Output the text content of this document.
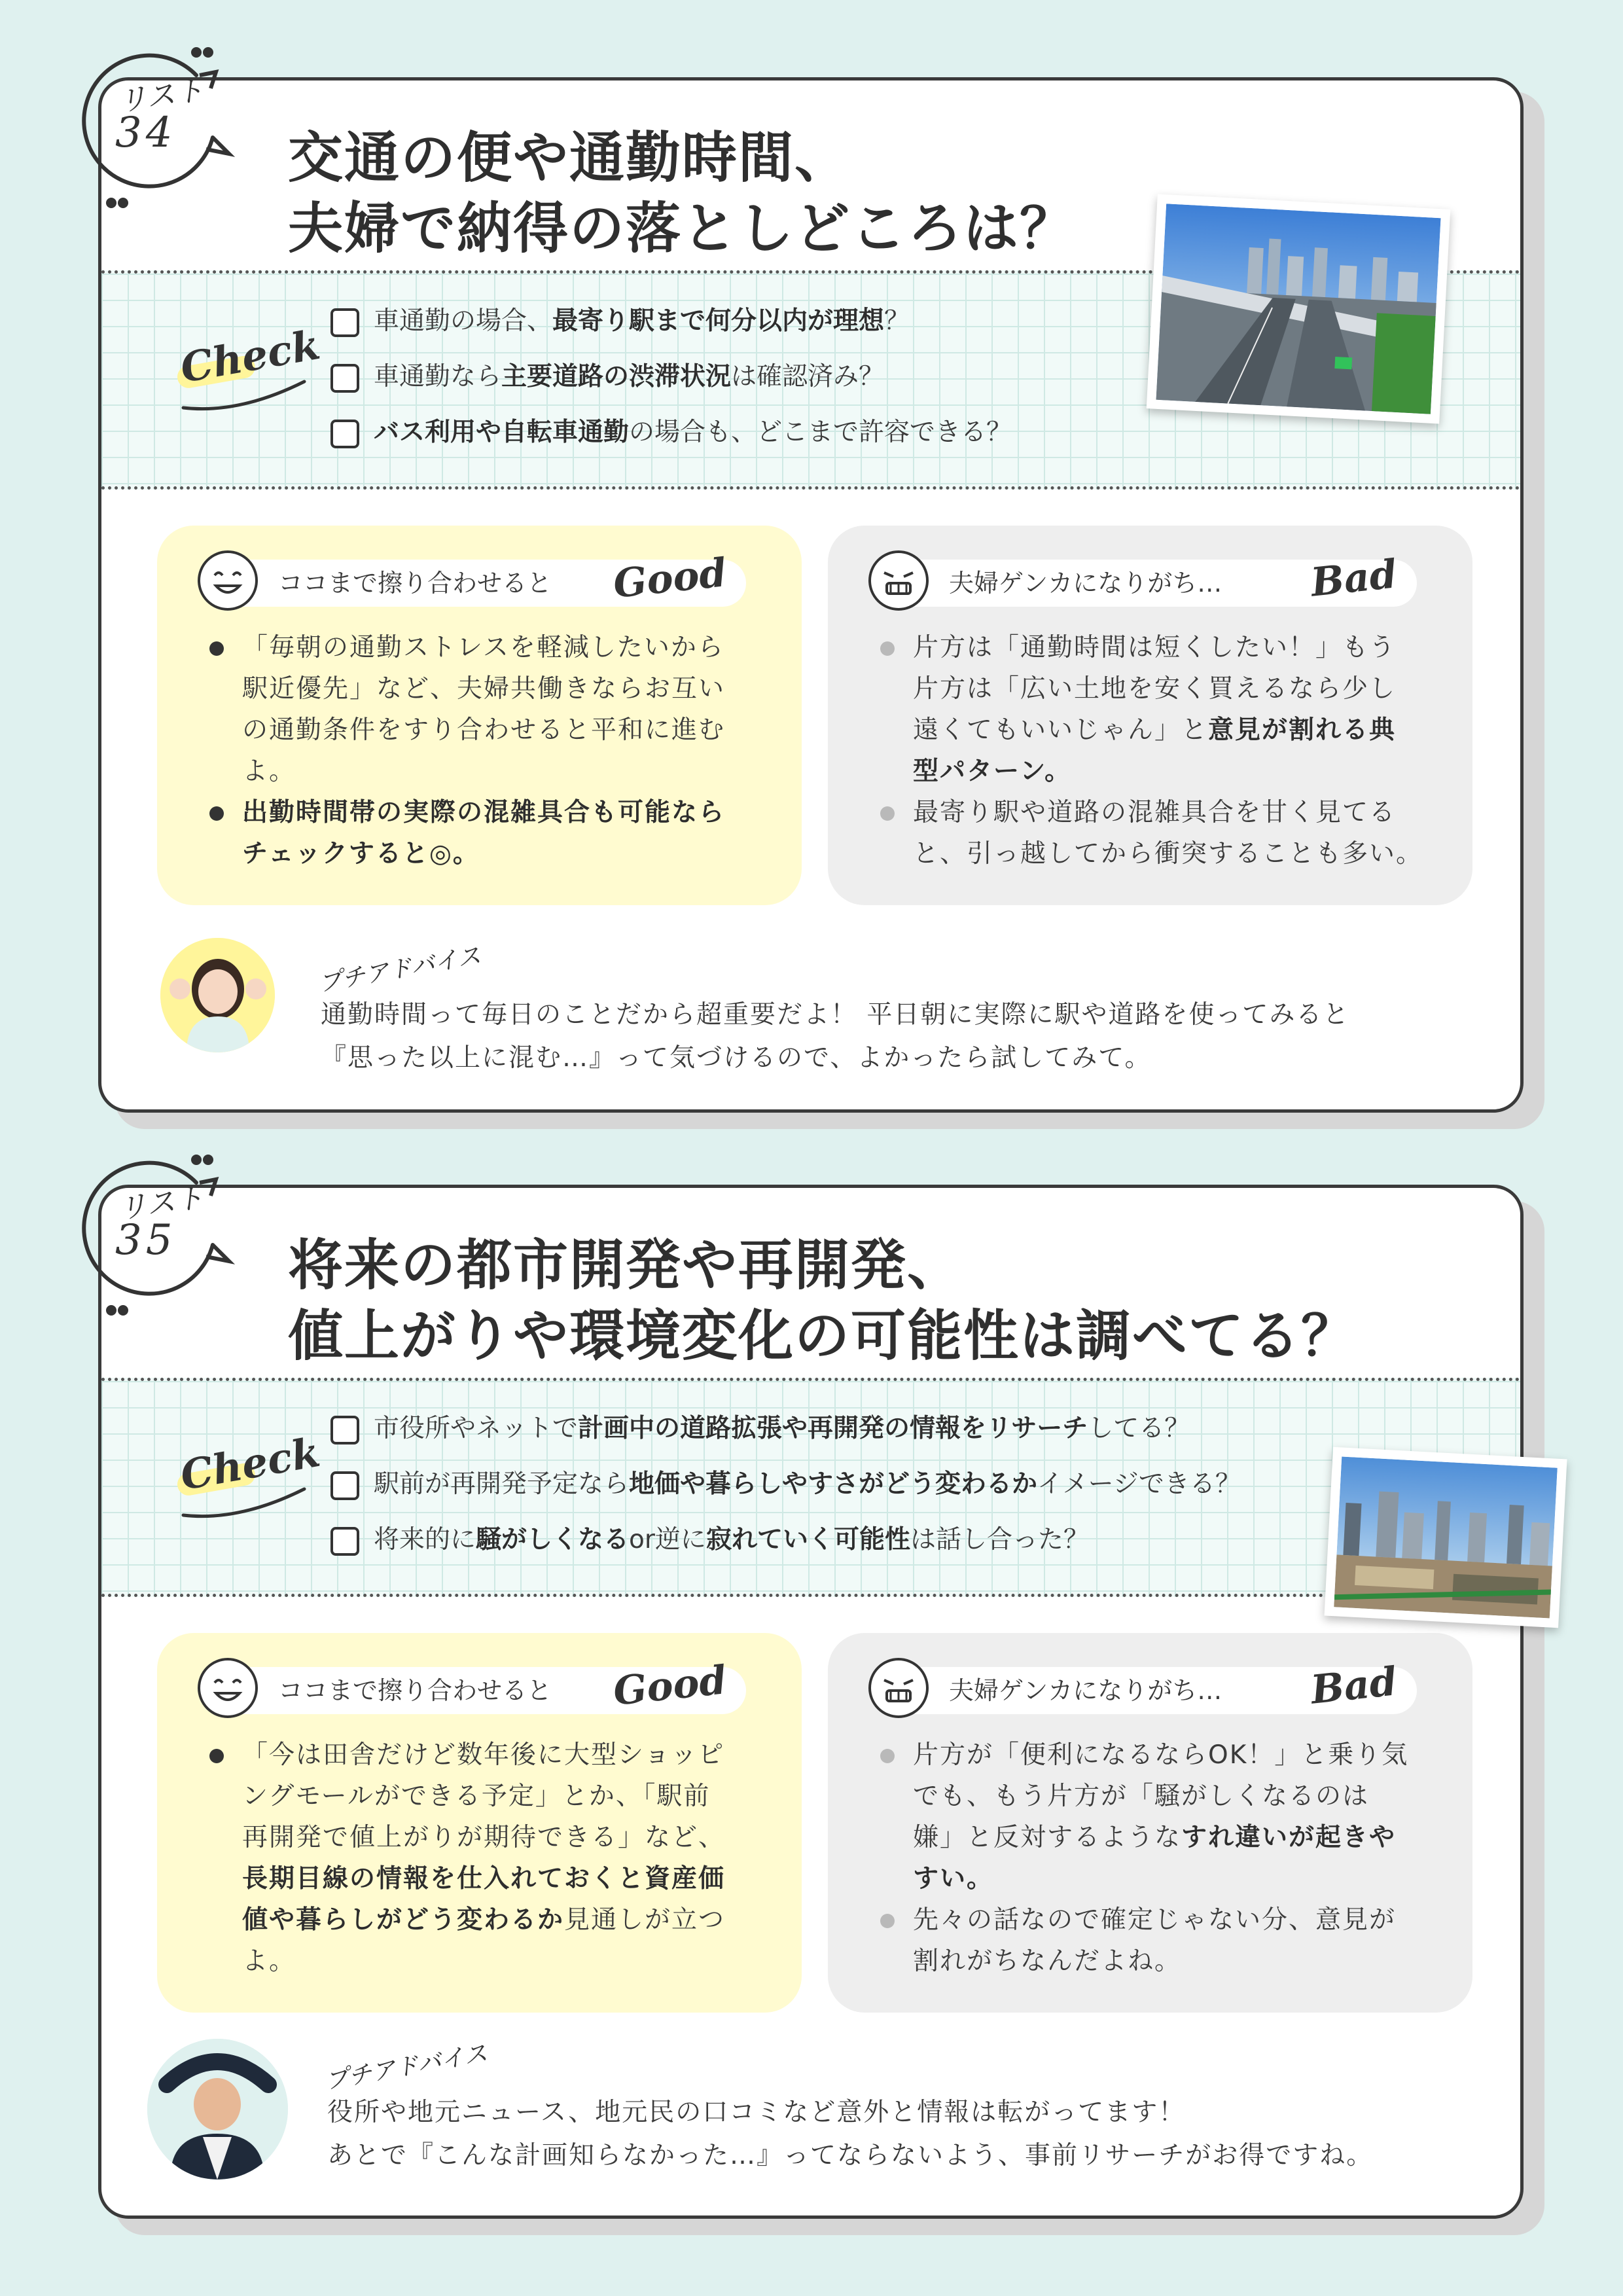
交通の便や通勤時間、
夫婦で納得の落としどころは？
Check	車通勤の場合、最寄り駅まで何分以内が理想？
車通勤なら主要道路の渋滞状況は確認済み？
バス利用や自転車通勤の場合も、どこまで許容できる？
ココまで擦り合わせると Good
「毎朝の通勤ストレスを軽減したいから
駅近優先」など、夫婦共働きならお互い
の通勤条件をすり合わせると平和に進む
よ。
出勤時間帯の実際の混雑具合も可能なら
チェックすると◎。
夫婦ゲンカになりがち… Bad
片方は「通勤時間は短くしたい！」もう
片方は「広い土地を安く買えるなら少し
遠くてもいいじゃん」と意見が割れる典
型パターン。
最寄り駅や道路の混雑具合を甘く見てる
と、引っ越してから衝突することも多い。
プチアドバイス
通勤時間って毎日のことだから超重要だよ！ 平日朝に実際に駅や道路を使ってみると
『思った以上に混む…』って気づけるので、よかったら試してみて。
リスト
34
将来の都市開発や再開発、
値上がりや環境変化の可能性は調べてる？
Check	市役所やネットで計画中の道路拡張や再開発の情報をリサーチしてる？
駅前が再開発予定なら地価や暮らしやすさがどう変わるかイメージできる？
将来的に騒がしくなるor逆に寂れていく可能性は話し合った？
ココまで擦り合わせると Good
「今は田舎だけど数年後に大型ショッピ
ングモールができる予定」とか、「駅前
再開発で値上がりが期待できる」など、
長期目線の情報を仕入れておくと資産価
値や暮らしがどう変わるか見通しが立つ
よ。
夫婦ゲンカになりがち… Bad
片方が「便利になるならOK！」と乗り気
でも、もう片方が「騒がしくなるのは
嫌」と反対するようなすれ違いが起きや
すい。
先々の話なので確定じゃない分、意見が
割れがちなんだよね。
プチアドバイス
役所や地元ニュース、地元民の口コミなど意外と情報は転がってます！
あとで『こんな計画知らなかった…』ってならないよう、事前リサーチがお得ですね。
リスト
35
